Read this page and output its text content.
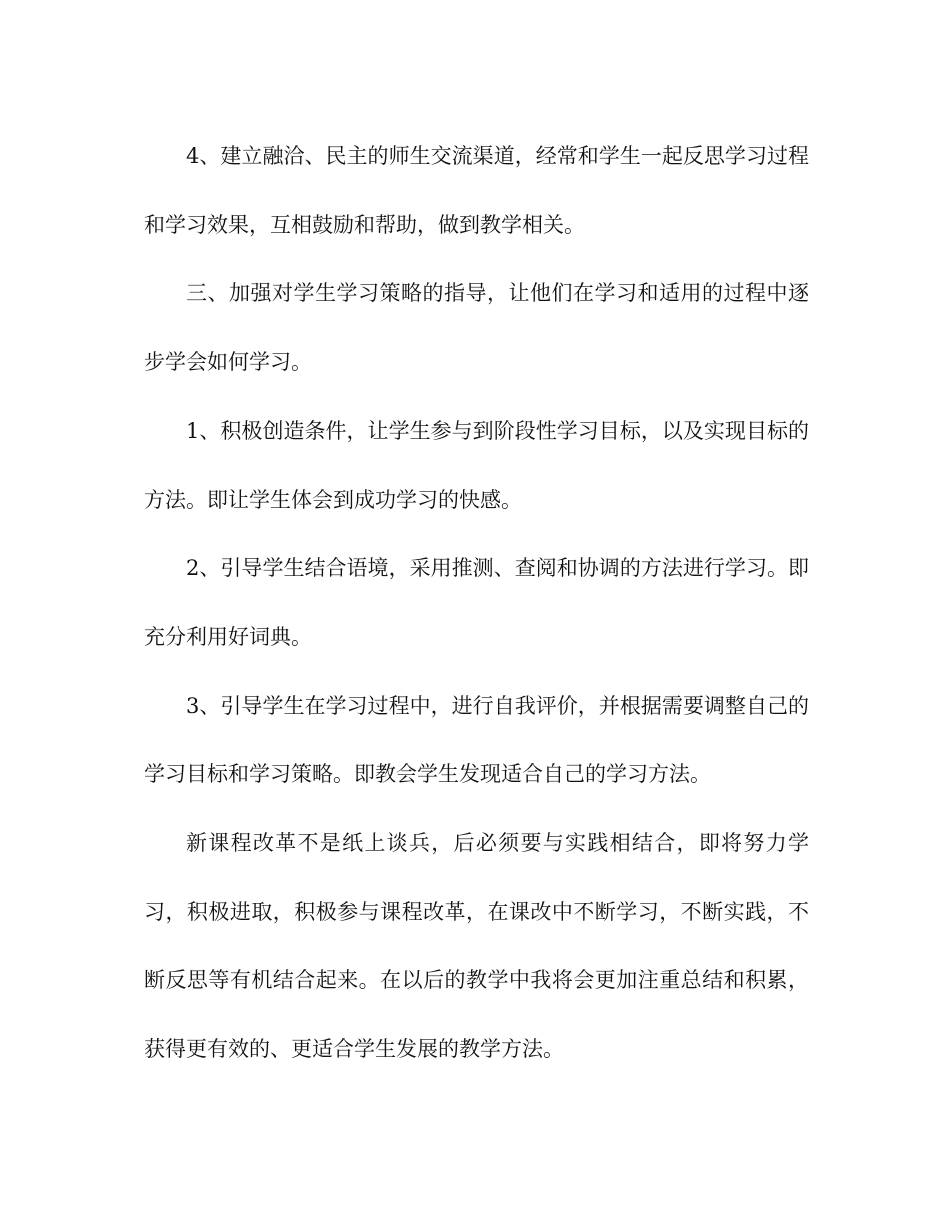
4、建立融洽、民主的师生交流渠道，经常和学生一起反思学习过程和学习效果，互相鼓励和帮助，做到教学相关。

三、加强对学生学习策略的指导，让他们在学习和适用的过程中逐步学会如何学习。

1、积极创造条件，让学生参与到阶段性学习目标，以及实现目标的方法。即让学生体会到成功学习的快感。

2、引导学生结合语境，采用推测、查阅和协调的方法进行学习。即充分利用好词典。

3、引导学生在学习过程中，进行自我评价，并根据需要调整自己的学习目标和学习策略。即教会学生发现适合自己的学习方法。

新课程改革不是纸上谈兵，后必须要与实践相结合，即将努力学习，积极进取，积极参与课程改革，在课改中不断学习，不断实践，不断反思等有机结合起来。在以后的教学中我将会更加注重总结和积累，获得更有效的、更适合学生发展的教学方法。
